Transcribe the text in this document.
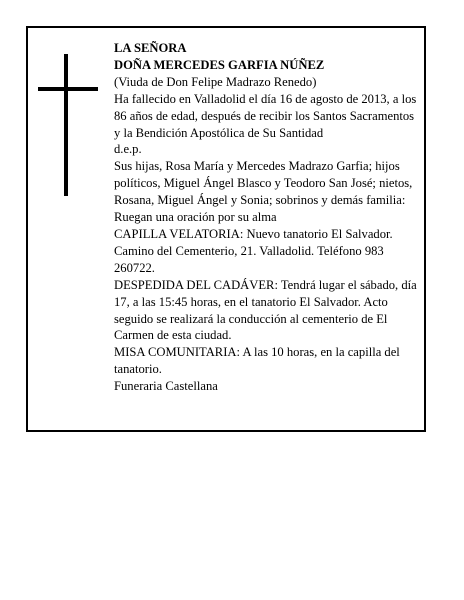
LA SEÑORA

DOÑA MERCEDES GARFIA NÚÑEZ

(Viuda de Don Felipe Madrazo Renedo)

Ha fallecido en Valladolid el día 16 de agosto de 2013, a los 86 años de edad, después de recibir los Santos Sacramentos y la Bendición Apostólica de Su Santidad

d.e.p.

Sus hijas, Rosa María y Mercedes Madrazo Garfia; hijos políticos, Miguel Ángel Blasco y Teodoro San José; nietos, Rosana, Miguel Ángel y Sonia; sobrinos y demás familia:

Ruegan una oración por su alma

CAPILLA VELATORIA: Nuevo tanatorio El Salvador. Camino del Cementerio, 21. Valladolid. Teléfono 983 260722.

DESPEDIDA DEL CADÁVER: Tendrá lugar el sábado, día 17, a las 15:45 horas, en el tanatorio El Salvador. Acto seguido se realizará la conducción al cementerio de El Carmen de esta ciudad.

MISA COMUNITARIA: A las 10 horas, en la capilla del tanatorio.

Funeraria Castellana
